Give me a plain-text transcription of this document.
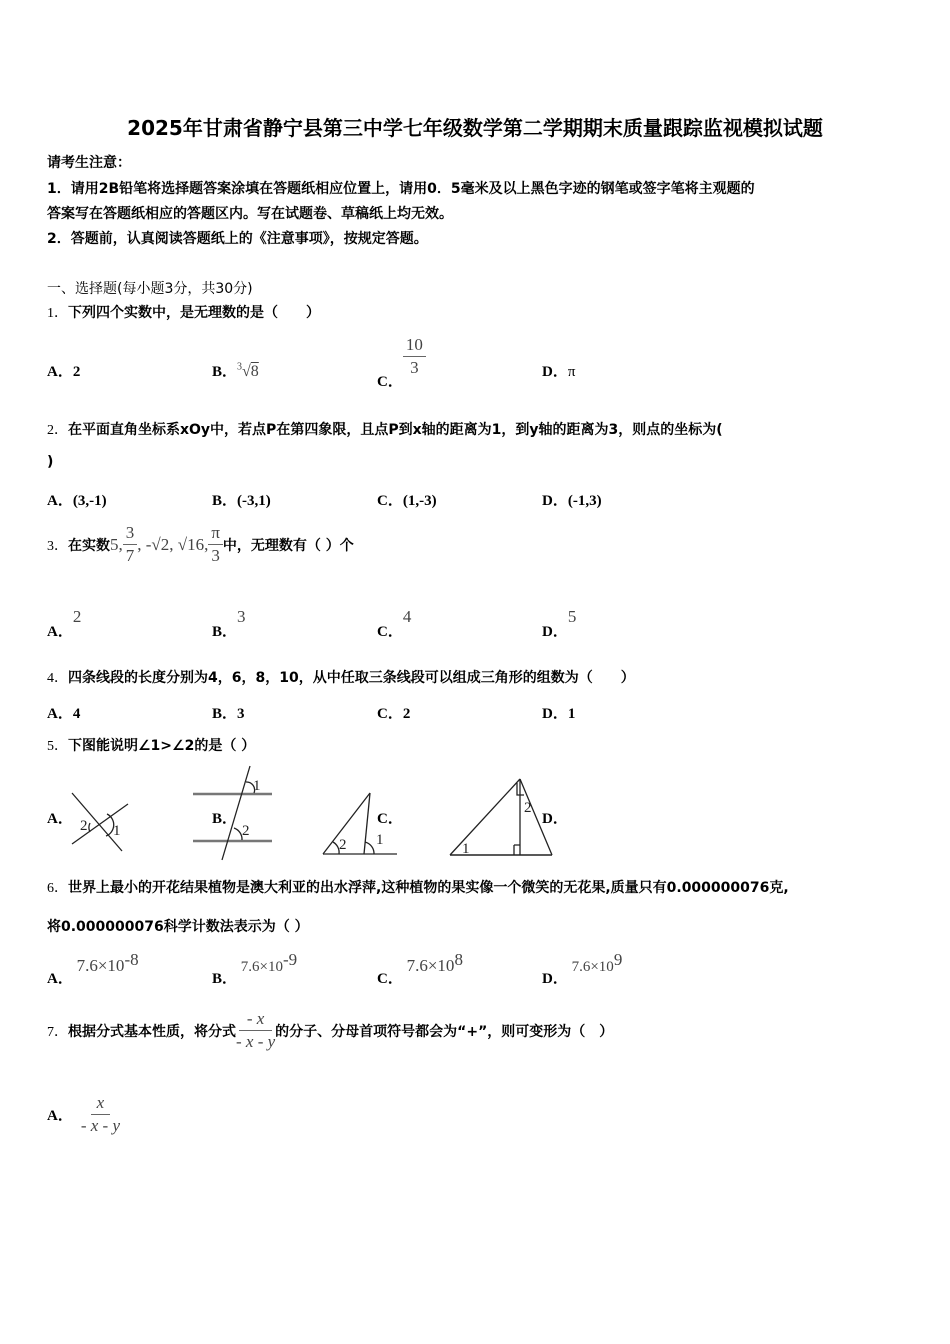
2025年甘肃省静宁县第三中学七年级数学第二学期期末质量跟踪监视模拟试题
请考生注意：
1．请用2B铅笔将选择题答案涂填在答题纸相应位置上，请用0．5毫米及以上黑色字迹的钢笔或签字笔将主观题的
答案写在答题纸相应的答题区内。写在试题卷、草稿纸上均无效。
2．答题前，认真阅读答题纸上的《注意事项》，按规定答题。
一、选择题(每小题3分，共30分)
1．下列四个实数中，是无理数的是（　　）
A．2	B．$^3$√8
C．
$\frac{10}{3}$	D．π
2．在平面直角坐标系xOy中，若点P在第四象限，且点P到x轴的距离为1，到y轴的距离为3，则点的坐标为(
)
A．(3,-1)	B．(-3,1)	C．(1,-3)	D．(-1,3)
3． 在实数 5, $\frac{3}{7}$ , -√2, √16, $\frac{\pi}{3}$ 中，无理数有（ ）个
A．2
B．3
C．4
D．5
4．四条线段的长度分别为4，6，8，10，从中任取三条线段可以组成三角形的组数为（　　）
A．4	B．3	C．2	D．1
5．下图能说明∠1>∠2的是（ ）
A．	B．	C．	D．
2 1
1
2
2 1
1
2
6．世界上最小的开花结果植物是澳大利亚的出水浮萍,这种植物的果实像一个微笑的无花果,质量只有0.000000076克,
将0.000000076科学计数法表示为（ ）
A． $7.6\times 10^{-8}$
B． $7.6\times 10^{-9}$
C． $7.6\times 10^8$
D． $7.6\times 10^9$
7． 根据分式基本性质，将分式 $\frac{- x}{- x - y}$ 的分子、分母首项符号都会为“+”，则可变形为（　）
A． $\frac{x}{- x - y}$
